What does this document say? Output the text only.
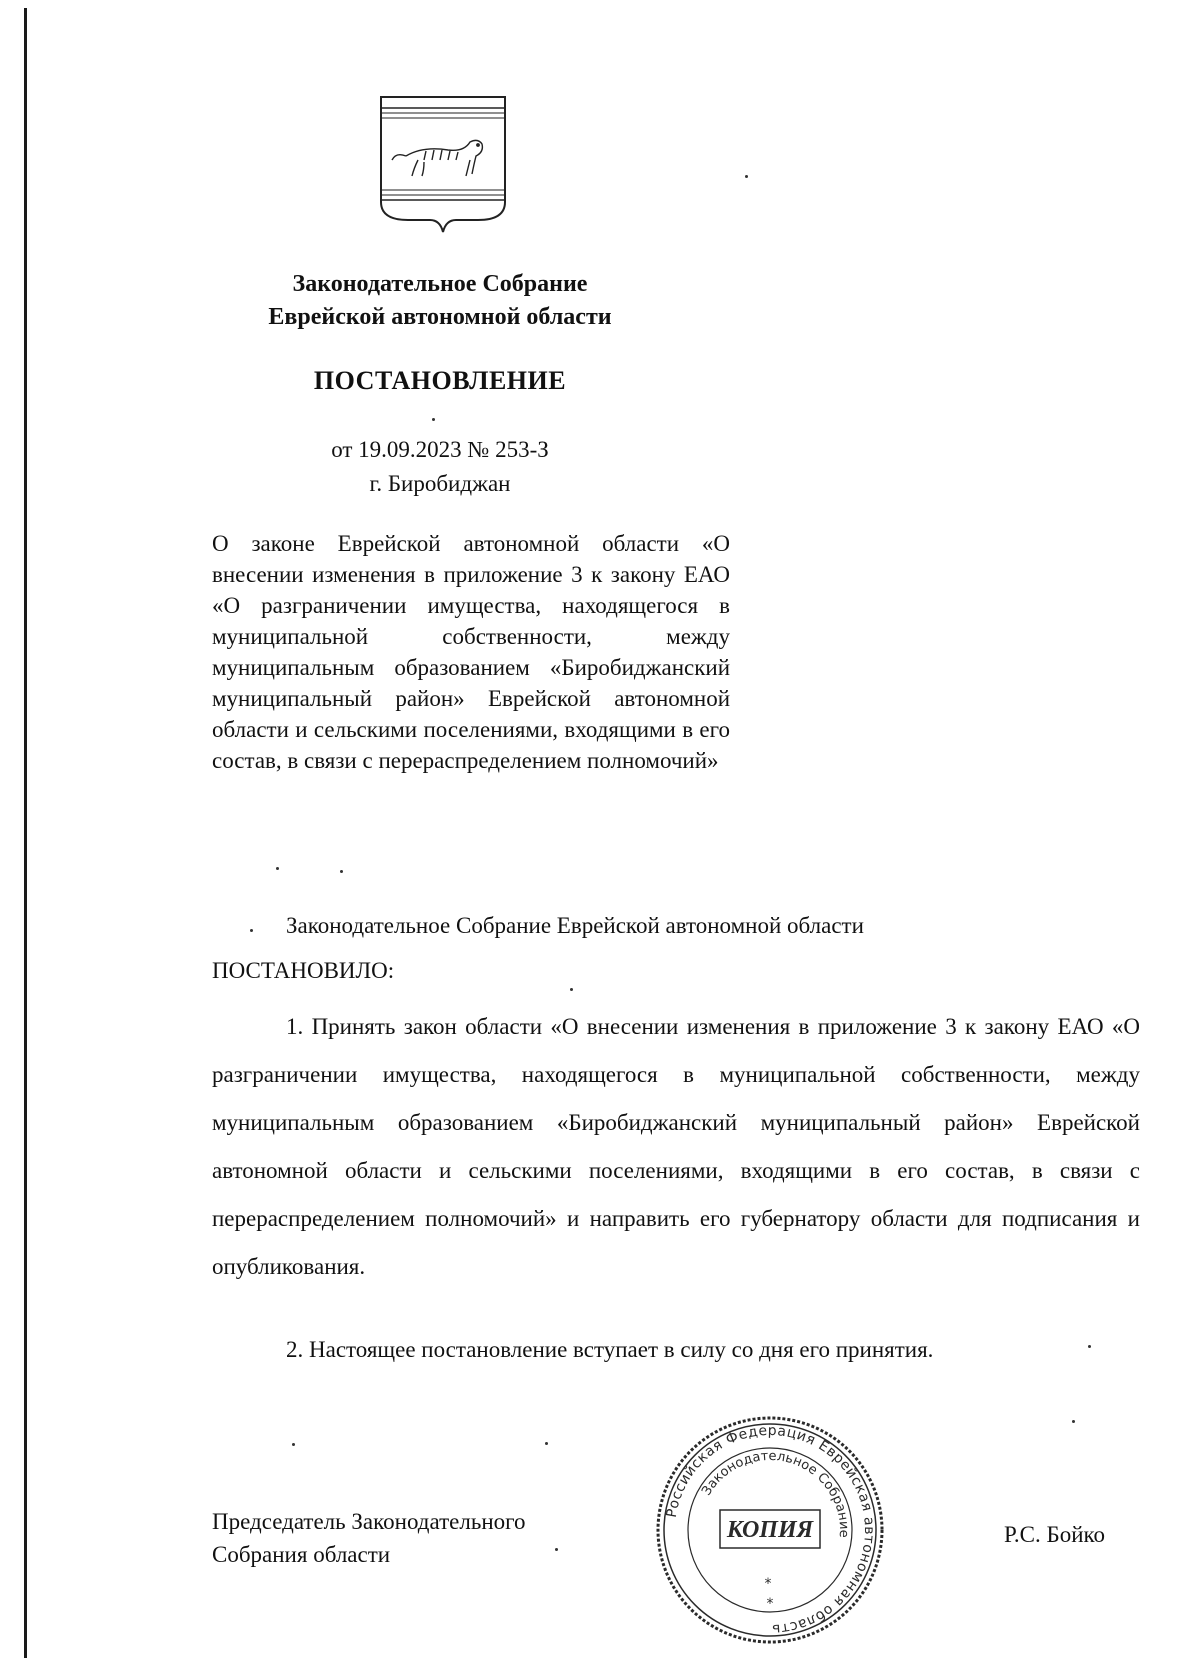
Законодательное Собрание
Еврейской автономной области
ПОСТАНОВЛЕНИЕ
от 19.09.2023 № 253-З
г. Биробиджан
О законе Еврейской автономной области «О внесении изменения в приложение 3 к закону ЕАО «О разграничении имущества, находящегося в муниципальной собственности, между муниципальным образованием «Биробиджанский муниципальный район» Еврейской автономной области и сельскими поселениями, входящими в его состав, в связи с перераспределением полномочий»
Законодательное Собрание Еврейской автономной области
ПОСТАНОВИЛО:
1. Принять закон области «О внесении изменения в приложение 3 к закону ЕАО «О разграничении имущества, находящегося в муниципальной собственности, между муниципальным образованием «Биробиджанский муниципальный район» Еврейской автономной области и сельскими поселениями, входящими в его состав, в связи с перераспределением полномочий» и направить его губернатору области для подписания и опубликования.
2. Настоящее постановление вступает в силу со дня его принятия.
Председатель Законодательного
Собрания области
Российская Федерация Еврейская автономная область
Законодательное Собрание
КОПИЯ
*
*
Р.С. Бойко
